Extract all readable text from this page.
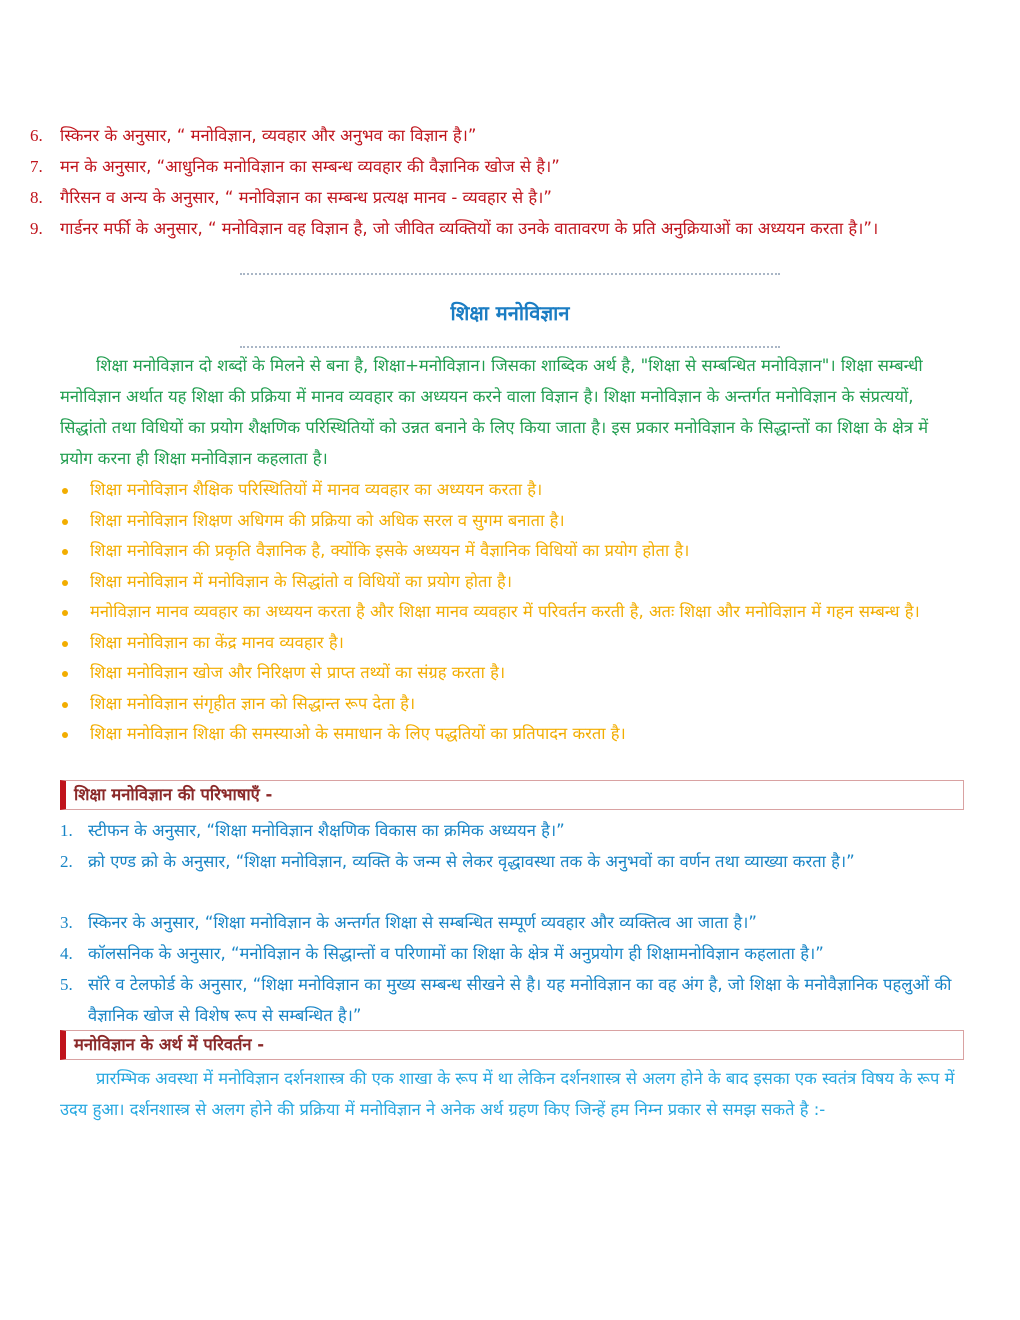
6. स्किनर के अनुसार, “ मनोविज्ञान, व्यवहार और अनुभव का विज्ञान है।”
7. मन के अनुसार, “आधुनिक मनोविज्ञान का सम्बन्ध व्यवहार की वैज्ञानिक खोज से है।”
8. गैरिसन व अन्य के अनुसार, “ मनोविज्ञान का सम्बन्ध प्रत्यक्ष मानव - व्यवहार से है।”
9. गार्डनर मर्फी के अनुसार, “ मनोविज्ञान वह विज्ञान है, जो जीवित व्यक्तियों का उनके वातावरण के प्रति अनुक्रियाओं का अध्ययन करता है।”।
शिक्षा मनोविज्ञान

शिक्षा मनोविज्ञान दो शब्दों के मिलने से बना है, शिक्षा+मनोविज्ञान। जिसका शाब्दिक अर्थ है, "शिक्षा से सम्बन्धित मनोविज्ञान"। शिक्षा सम्बन्धी मनोविज्ञान अर्थात यह शिक्षा की प्रक्रिया में मानव व्यवहार का अध्ययन करने वाला विज्ञान है। शिक्षा मनोविज्ञान के अन्तर्गत मनोविज्ञान के संप्रत्ययों, सिद्धांतो तथा विधियों का प्रयोग शैक्षणिक परिस्थितियों को उन्नत बनाने के लिए किया जाता है। इस प्रकार मनोविज्ञान के सिद्धान्तों का शिक्षा के क्षेत्र में प्रयोग करना ही शिक्षा मनोविज्ञान कहलाता है।

शिक्षा मनोविज्ञान शैक्षिक परिस्थितियों में मानव व्यवहार का अध्ययन करता है।
शिक्षा मनोविज्ञान शिक्षण अधिगम की प्रक्रिया को अधिक सरल व सुगम बनाता है।
शिक्षा मनोविज्ञान की प्रकृति वैज्ञानिक है, क्योंकि इसके अध्ययन में वैज्ञानिक विधियों का प्रयोग होता है।
शिक्षा मनोविज्ञान में मनोविज्ञान के सिद्धांतो व विधियों का प्रयोग होता है।
मनोविज्ञान मानव व्यवहार का अध्ययन करता है और शिक्षा मानव व्यवहार में परिवर्तन करती है, अतः शिक्षा और मनोविज्ञान में गहन सम्बन्ध है।
शिक्षा मनोविज्ञान का केंद्र मानव व्यवहार है।
शिक्षा मनोविज्ञान खोज और निरिक्षण से प्राप्त तथ्यों का संग्रह करता है।
शिक्षा मनोविज्ञान संगृहीत ज्ञान को सिद्धान्त रूप देता है।
शिक्षा मनोविज्ञान शिक्षा की समस्याओ के समाधान के लिए पद्धतियों का प्रतिपादन करता है।
शिक्षा मनोविज्ञान की परिभाषाएँ -
1. स्टीफन के अनुसार, “शिक्षा मनोविज्ञान शैक्षणिक विकास का क्रमिक अध्ययन है।”
2. क्रो एण्ड क्रो के अनुसार, “शिक्षा मनोविज्ञान, व्यक्ति के जन्म से लेकर वृद्धावस्था तक के अनुभवों का वर्णन तथा व्याख्या करता है।”
3. स्किनर के अनुसार, “शिक्षा मनोविज्ञान के अन्तर्गत शिक्षा से सम्बन्धित सम्पूर्ण व्यवहार और व्यक्तित्व आ जाता है।”
4. कॉलसनिक के अनुसार, “मनोविज्ञान के सिद्धान्तों व परिणामों का शिक्षा के क्षेत्र में अनुप्रयोग ही शिक्षामनोविज्ञान कहलाता है।”
5. सॉरे व टेलफोर्ड के अनुसार, “शिक्षा मनोविज्ञान का मुख्य सम्बन्ध सीखने से है। यह मनोविज्ञान का वह अंग है, जो शिक्षा के मनोवैज्ञानिक पहलुओं की वैज्ञानिक खोज से विशेष रूप से सम्बन्धित है।”
मनोविज्ञान के अर्थ में परिवर्तन -

प्रारम्भिक अवस्था में मनोविज्ञान दर्शनशास्त्र की एक शाखा के रूप में था लेकिन दर्शनशास्त्र से अलग होने के बाद इसका एक स्वतंत्र विषय के रूप में उदय हुआ। दर्शनशास्त्र से अलग होने की प्रक्रिया में मनोविज्ञान ने अनेक अर्थ ग्रहण किए जिन्हें हम निम्न प्रकार से समझ सकते है :-
